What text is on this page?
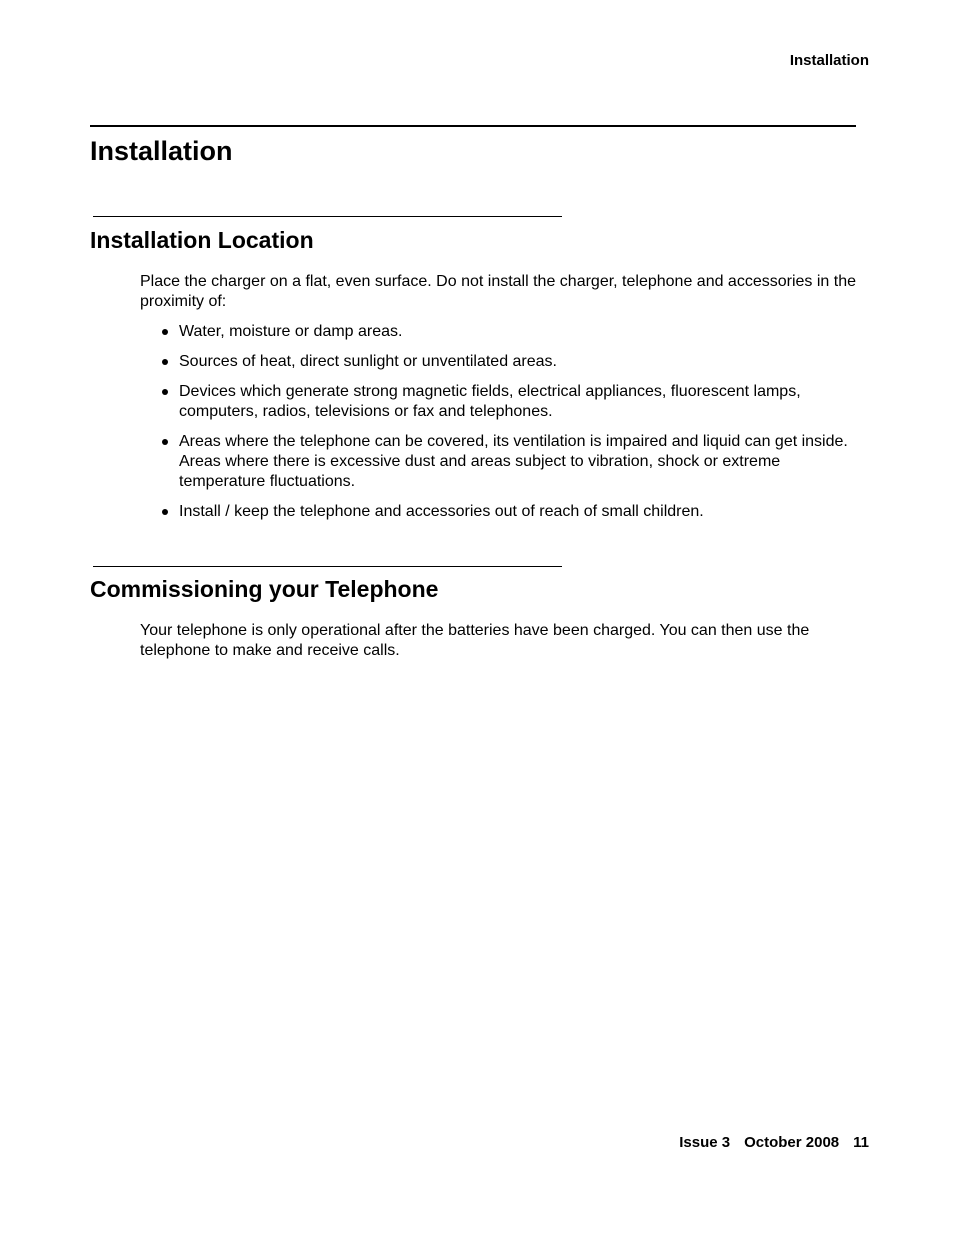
Installation
Installation
Installation Location

Place the charger on a flat, even surface. Do not install the charger, telephone and accessories in the proximity of:

Water, moisture or damp areas.
Sources of heat, direct sunlight or unventilated areas.
Devices which generate strong magnetic fields, electrical appliances, fluorescent lamps, computers, radios, televisions or fax and telephones.
Areas where the telephone can be covered, its ventilation is impaired and liquid can get inside. Areas where there is excessive dust and areas subject to vibration, shock or extreme temperature fluctuations.
Install / keep the telephone and accessories out of reach of small children.
Commissioning your Telephone

Your telephone is only operational after the batteries have been charged. You can then use the telephone to make and receive calls.

Issue 3 October 2008 11
